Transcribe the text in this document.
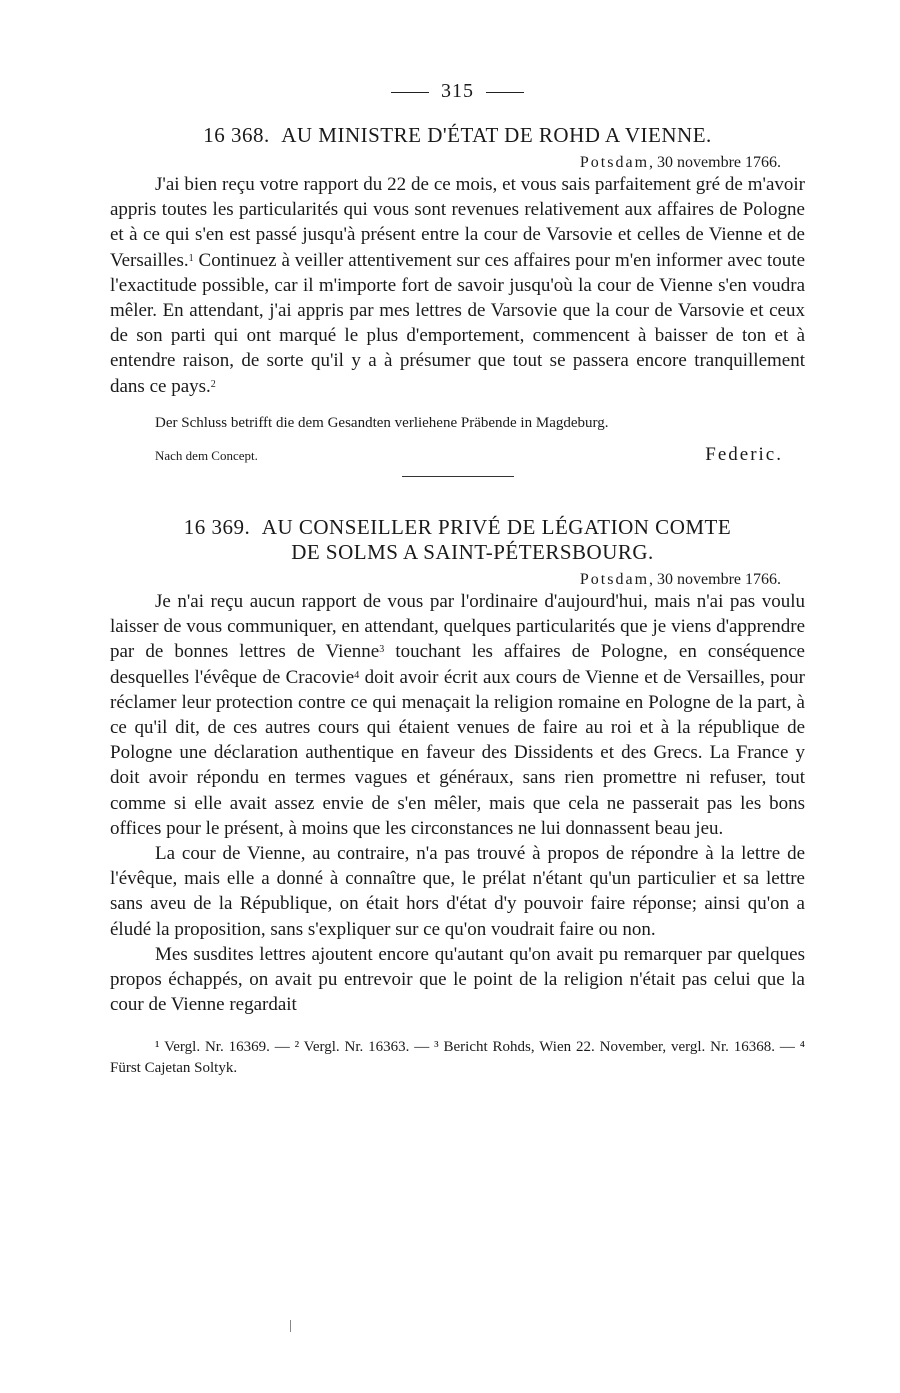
315
16 368. AU MINISTRE D'ÉTAT DE ROHD A VIENNE.
Potsdam, 30 novembre 1766.

J'ai bien reçu votre rapport du 22 de ce mois, et vous sais parfaitement gré de m'avoir appris toutes les particularités qui vous sont revenues relativement aux affaires de Pologne et à ce qui s'en est passé jusqu'à présent entre la cour de Varsovie et celles de Vienne et de Versailles.$^1$ Continuez à veiller attentivement sur ces affaires pour m'en informer avec toute l'exactitude possible, car il m'importe fort de savoir jusqu'où la cour de Vienne s'en voudra mêler. En attendant, j'ai appris par mes lettres de Varsovie que la cour de Varsovie et ceux de son parti qui ont marqué le plus d'emportement, commencent à baisser de ton et à entendre raison, de sorte qu'il y a à présumer que tout se passera encore tranquillement dans ce pays.$^2$

Der Schluss betrifft die dem Gesandten verliehene Präbende in Magdeburg.

Nach dem Concept.	Federic.
16 369. AU CONSEILLER PRIVÉ DE LÉGATION COMTE
DE SOLMS A SAINT-PÉTERSBOURG.
Potsdam, 30 novembre 1766.

Je n'ai reçu aucun rapport de vous par l'ordinaire d'aujourd'hui, mais n'ai pas voulu laisser de vous communiquer, en attendant, quelques particularités que je viens d'apprendre par de bonnes lettres de Vienne$^3$ touchant les affaires de Pologne, en conséquence desquelles l'évêque de Cracovie$^4$ doit avoir écrit aux cours de Vienne et de Versailles, pour réclamer leur protection contre ce qui menaçait la religion romaine en Pologne de la part, à ce qu'il dit, de ces autres cours qui étaient venues de faire au roi et à la république de Pologne une déclaration authentique en faveur des Dissidents et des Grecs. La France y doit avoir répondu en termes vagues et généraux, sans rien promettre ni refuser, tout comme si elle avait assez envie de s'en mêler, mais que cela ne passerait pas les bons offices pour le présent, à moins que les circonstances ne lui donnassent beau jeu.

La cour de Vienne, au contraire, n'a pas trouvé à propos de répondre à la lettre de l'évêque, mais elle a donné à connaître que, le prélat n'étant qu'un particulier et sa lettre sans aveu de la République, on était hors d'état d'y pouvoir faire réponse; ainsi qu'on a éludé la proposition, sans s'expliquer sur ce qu'on voudrait faire ou non.

Mes susdites lettres ajoutent encore qu'autant qu'on avait pu remarquer par quelques propos échappés, on avait pu entrevoir que le point de la religion n'était pas celui que la cour de Vienne regardait

¹ Vergl. Nr. 16369. — ² Vergl. Nr. 16363. — ³ Bericht Rohds, Wien 22. November, vergl. Nr. 16368. — ⁴ Fürst Cajetan Soltyk.
